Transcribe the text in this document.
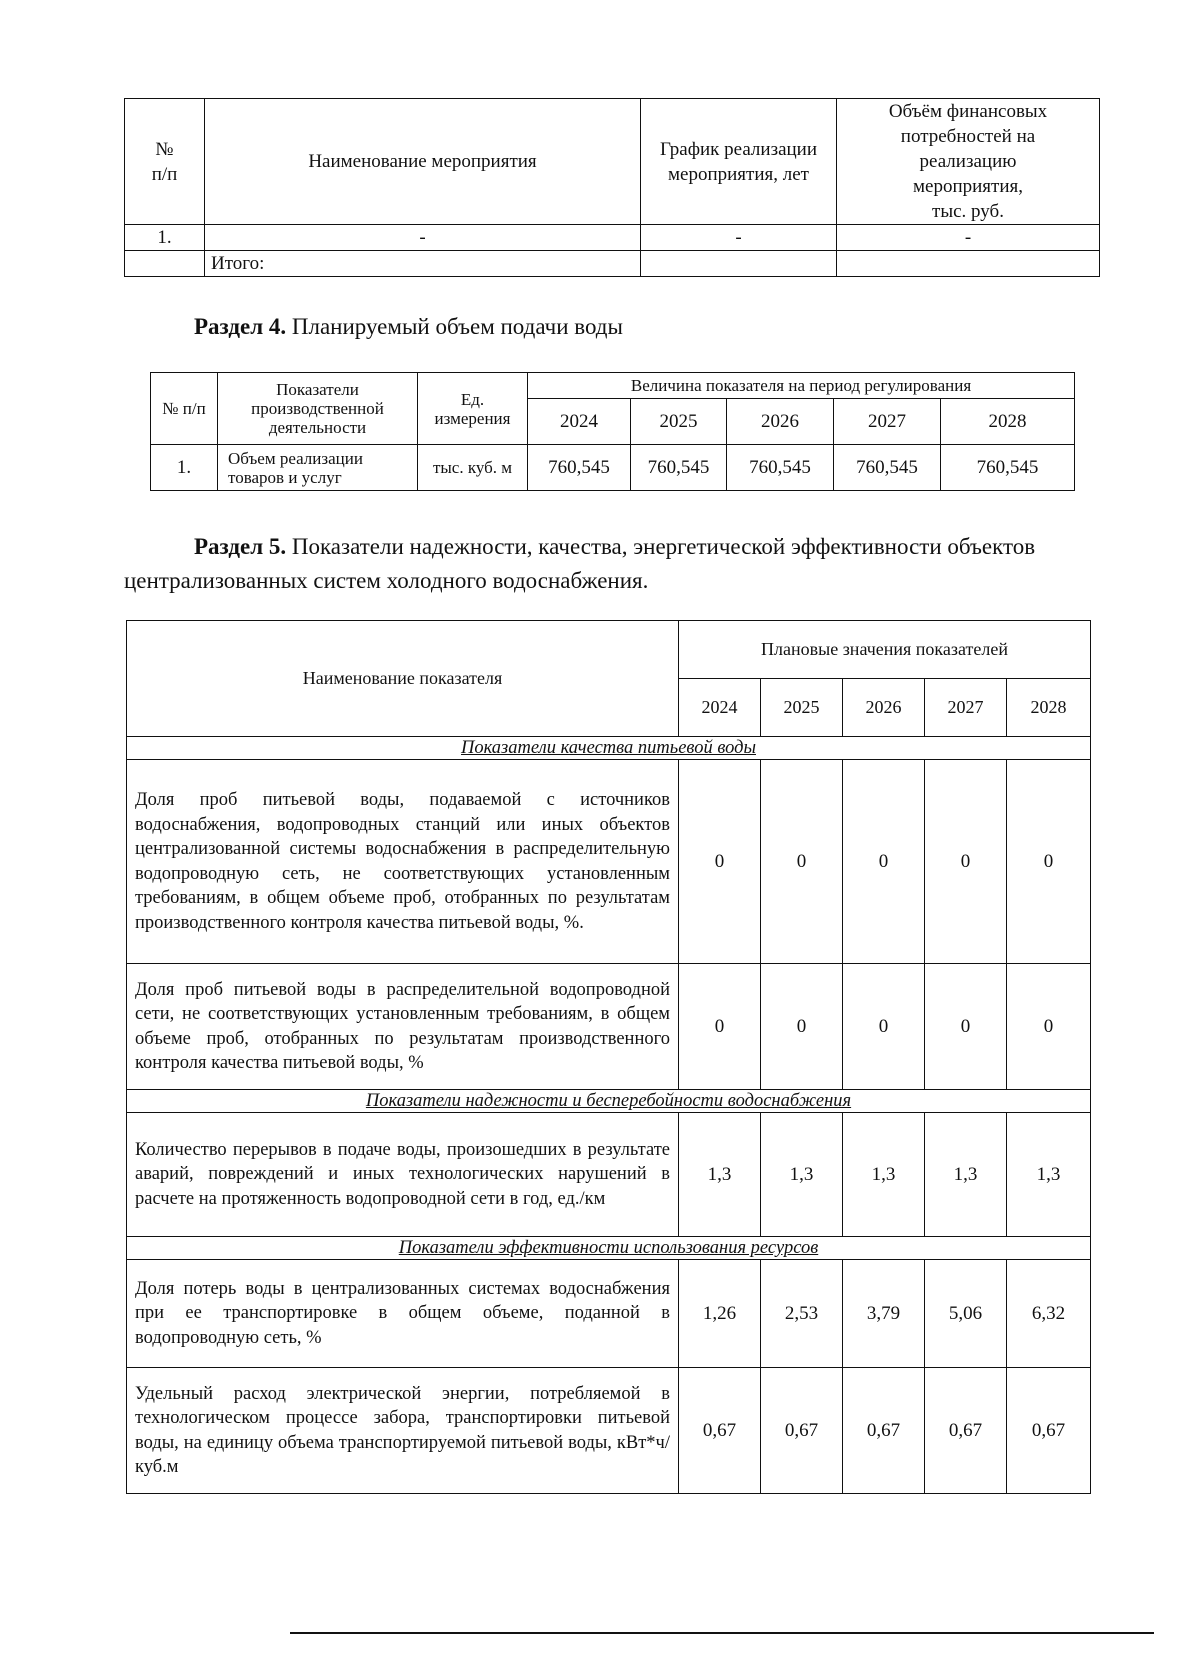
№
п/п	Наименование мероприятия	График реализации
мероприятия, лет	Объём финансовых
потребностей на
реализацию
мероприятия,
тыс. руб.
1.	-	-	-
	Итого:		
Раздел 4. Планируемый объем подачи воды
№ п/п	Показатели
производственной
деятельности	Ед.
измерения	Величина показателя на период регулирования				
			2024	2025	2026	2027	2028
1.	Объем реализации
товаров и услуг	тыс. куб. м	760,545	760,545	760,545	760,545	760,545
Раздел 5. Показатели надежности, качества, энергетической эффективности объектов централизованных систем холодного водоснабжения.
Наименование показателя	Плановые значения показателей				
	2024	2025	2026	2027	2028
Показатели качества питьевой воды					
Доля проб питьевой воды, подаваемой с источников водоснабжения, водопроводных станций или иных объектов централизованной системы водоснабжения в распределительную водопроводную сеть, не соответствующих установленным требованиям, в общем объеме проб, отобранных по результатам производственного контроля качества питьевой воды, %.	0	0	0	0	0
Доля проб питьевой воды в распределительной водопроводной сети, не соответствующих установленным требованиям, в общем объеме проб, отобранных по результатам производственного контроля качества питьевой воды, %	0	0	0	0	0
Показатели надежности и бесперебойности водоснабжения					
Количество перерывов в подаче воды, произошедших в результате аварий, повреждений и иных технологических нарушений в расчете на протяженность водопроводной сети в год, ед./км	1,3	1,3	1,3	1,3	1,3
Показатели эффективности использования ресурсов					
Доля потерь воды в централизованных системах водоснабжения при ее транспортировке в общем объеме, поданной в водопроводную сеть, %	1,26	2,53	3,79	5,06	6,32
Удельный расход электрической энергии, потребляемой в технологическом процессе забора, транспортировки питьевой воды, на единицу объема транспортируемой питьевой воды, кВт*ч/куб.м	0,67	0,67	0,67	0,67	0,67
